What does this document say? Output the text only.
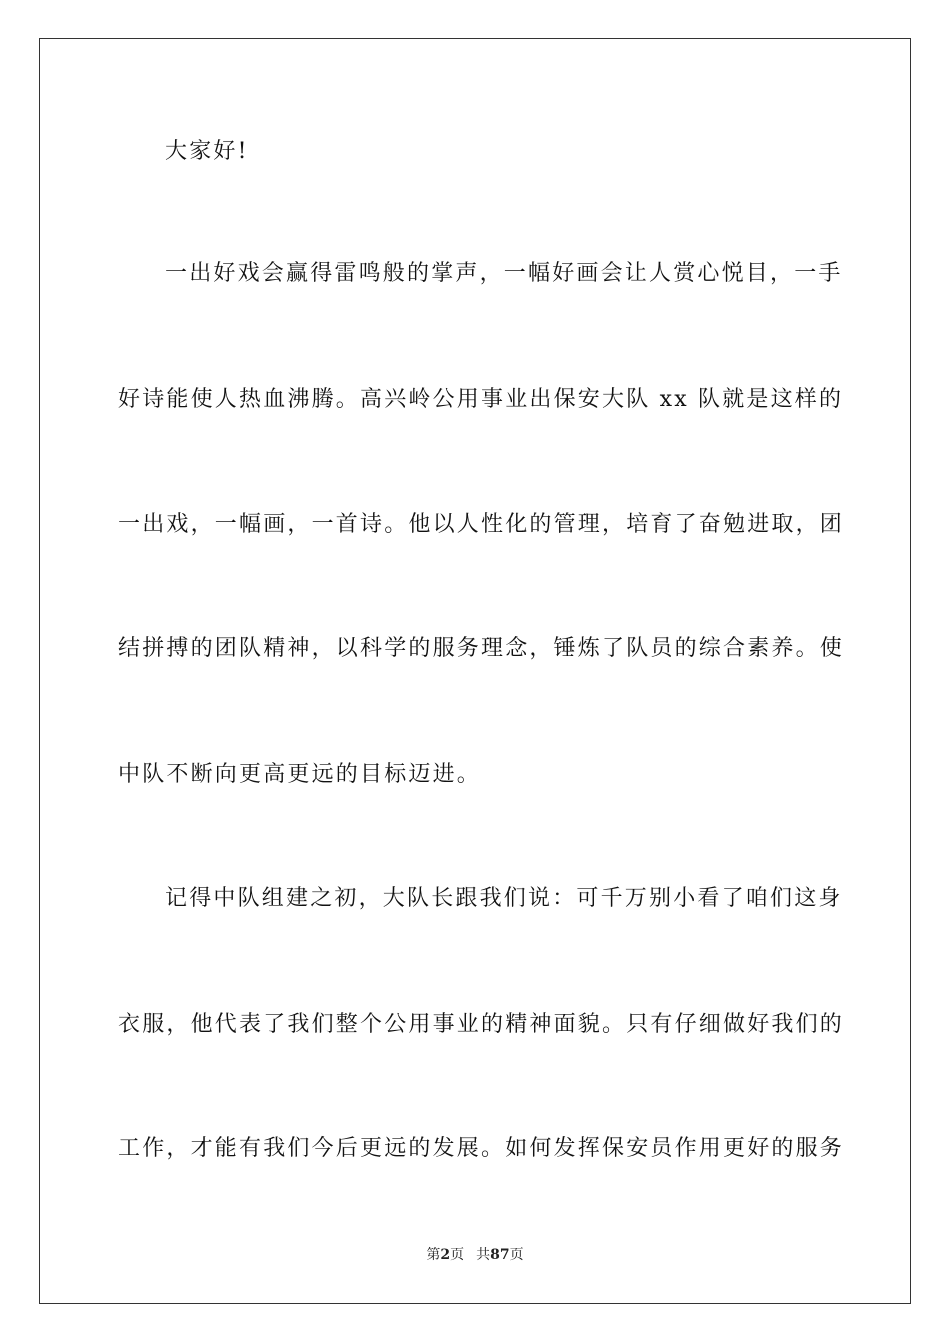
大家好!
一出好戏会赢得雷鸣般的掌声，一幅好画会让人赏心悦目，一手
好诗能使人热血沸腾。高兴岭公用事业出保安大队 xx 队就是这样的
一出戏，一幅画，一首诗。他以人性化的管理，培育了奋勉进取，团
结拼搏的团队精神，以科学的服务理念，锤炼了队员的综合素养。使
中队不断向更高更远的目标迈进。
记得中队组建之初，大队长跟我们说：可千万别小看了咱们这身
衣服，他代表了我们整个公用事业的精神面貌。只有仔细做好我们的
工作，才能有我们今后更远的发展。如何发挥保安员作用更好的服务
第2页 共87页
